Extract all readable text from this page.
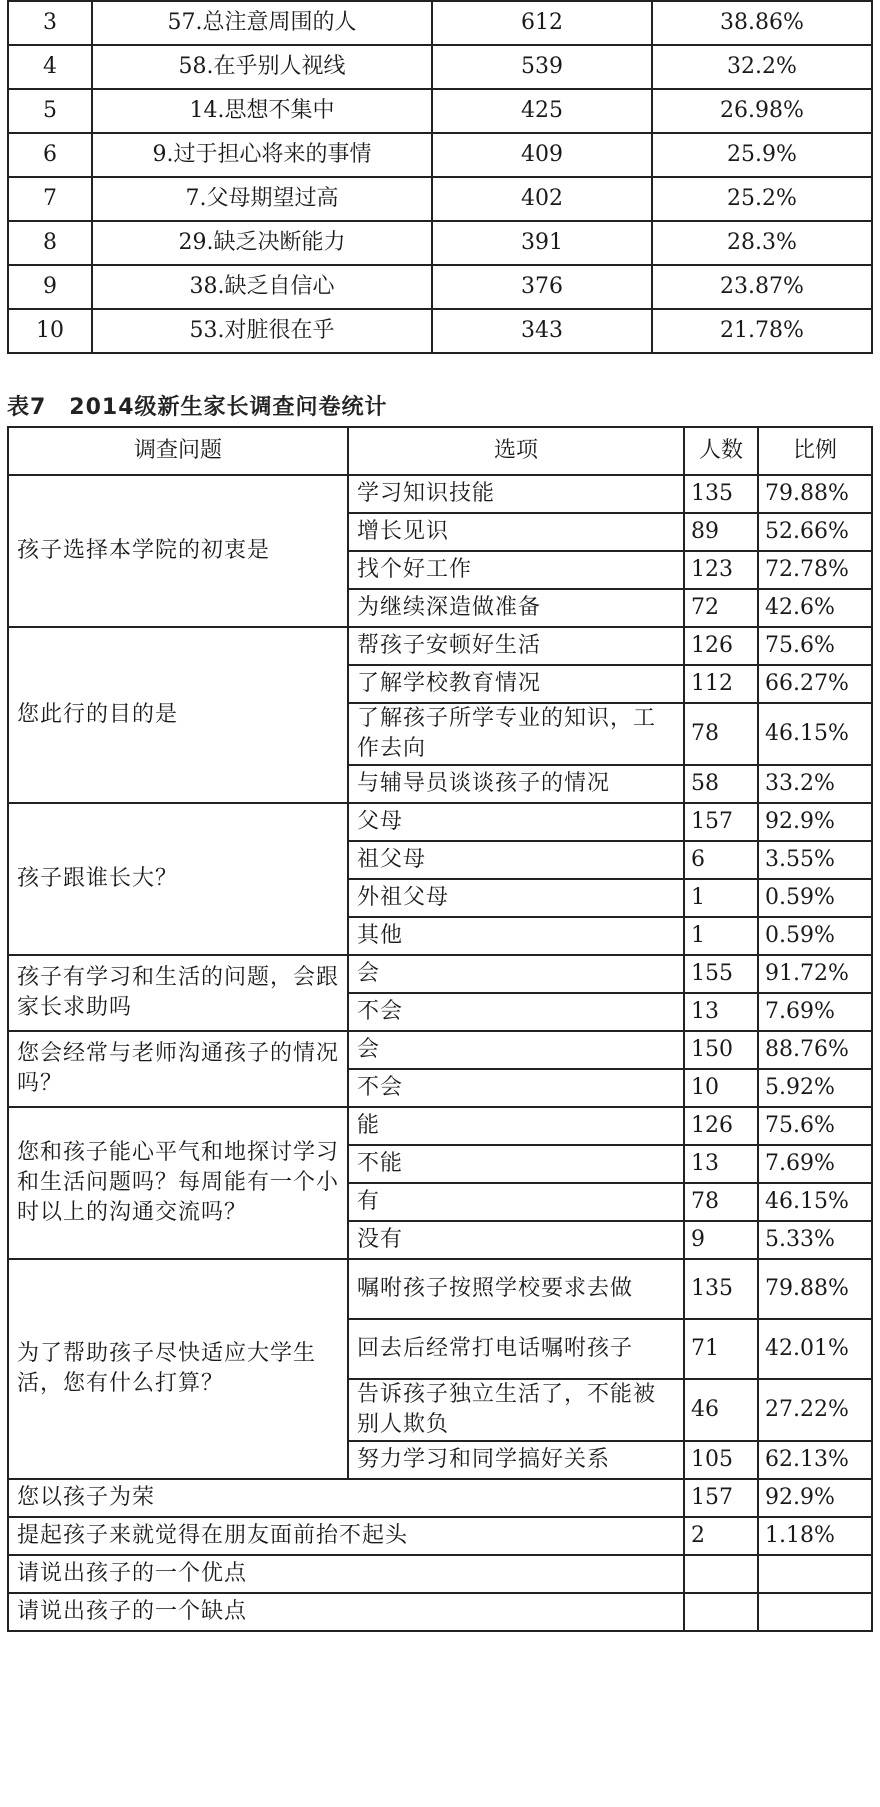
3	57.总注意周围的人	612	38.86%
4	58.在乎别人视线	539	32.2%
5	14.思想不集中	425	26.98%
6	9.过于担心将来的事情	409	25.9%
7	7.父母期望过高	402	25.2%
8	29.缺乏决断能力	391	28.3%
9	38.缺乏自信心	376	23.87%
10	53.对脏很在乎	343	21.78%
表7　2014级新生家长调查问卷统计
调查问题	选项	人数	比例
孩子选择本学院的初衷是	学习知识技能	135	79.88%
	增长见识	89	52.66%
	找个好工作	123	72.78%
	为继续深造做准备	72	42.6%
您此行的目的是	帮孩子安顿好生活	126	75.6%
	了解学校教育情况	112	66.27%
	了解孩子所学专业的知识，工作去向	78	46.15%
	与辅导员谈谈孩子的情况	58	33.2%
孩子跟谁长大？	父母	157	92.9%
	祖父母	6	3.55%
	外祖父母	1	0.59%
	其他	1	0.59%
孩子有学习和生活的问题，会跟家长求助吗	会	155	91.72%
	不会	13	7.69%
您会经常与老师沟通孩子的情况吗？	会	150	88.76%
	不会	10	5.92%
您和孩子能心平气和地探讨学习和生活问题吗？每周能有一个小时以上的沟通交流吗？	能	126	75.6%
	不能	13	7.69%
	有	78	46.15%
	没有	9	5.33%
为了帮助孩子尽快适应大学生活，您有什么打算？	嘱咐孩子按照学校要求去做	135	79.88%
	回去后经常打电话嘱咐孩子	71	42.01%
	告诉孩子独立生活了，不能被别人欺负	46	27.22%
	努力学习和同学搞好关系	105	62.13%
您以孩子为荣		157	92.9%
提起孩子来就觉得在朋友面前抬不起头		2	1.18%
请说出孩子的一个优点			
请说出孩子的一个缺点			
